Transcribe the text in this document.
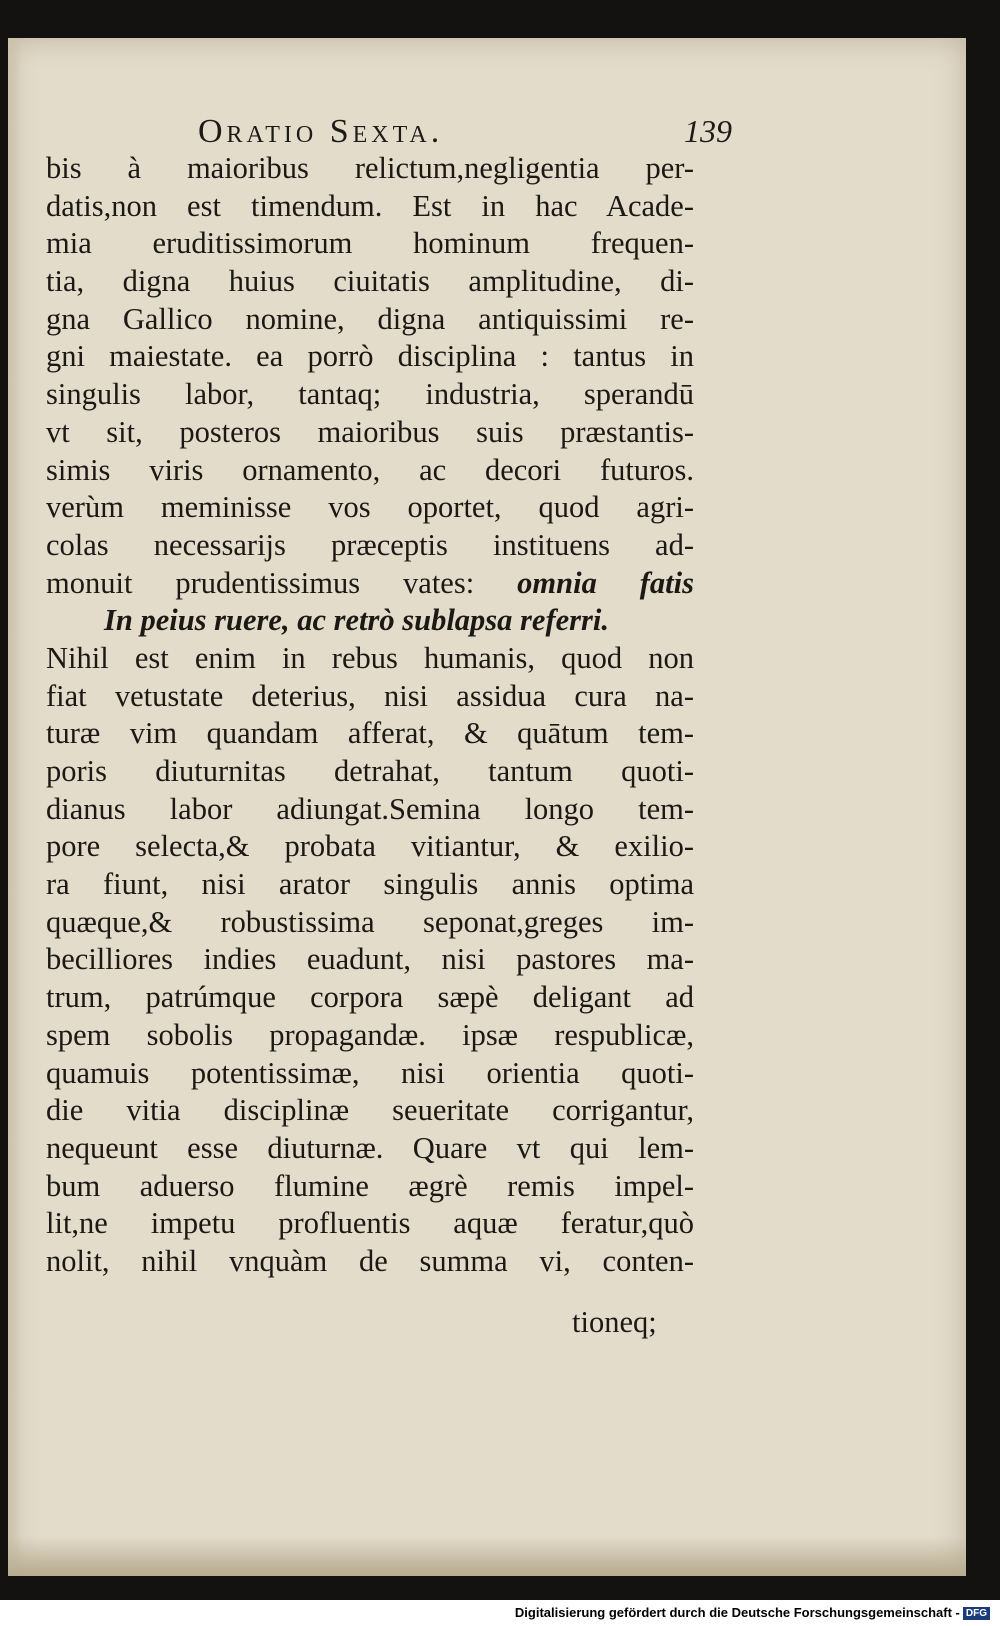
Oratio Sexta.	139
bis à maioribus relictum,negligentia per-
datis,non est timendum. Est in hac Acade-
mia eruditissimorum hominum frequen-
tia, digna huius ciuitatis amplitudine, di-
gna Gallico nomine, digna antiquissimi re-
gni maiestate. ea porrò disciplina : tantus in
singulis labor, tantaq; industria, sperandū
vt sit, posteros maioribus suis præstantis-
simis viris ornamento, ac decori futuros.
verùm meminisse vos oportet, quod agri-
colas necessarijs præceptis instituens ad-
monuit prudentissimus vates: omnia fatis
In peius ruere, ac retrò sublapsa referri.
Nihil est enim in rebus humanis, quod non
fiat vetustate deterius, nisi assidua cura na-
turæ vim quandam afferat, & quātum tem-
poris diuturnitas detrahat, tantum quoti-
dianus labor adiungat.Semina longo tem-
pore selecta,& probata vitiantur, & exilio-
ra fiunt, nisi arator singulis annis optima
quæque,& robustissima seponat,greges im-
becilliores indies euadunt, nisi pastores ma-
trum, patrúmque corpora sæpè deligant ad
spem sobolis propagandæ. ipsæ respublicæ,
quamuis potentissimæ, nisi orientia quoti-
die vitia disciplinæ seueritate corrigantur,
nequeunt esse diuturnæ. Quare vt qui lem-
bum aduerso flumine ægrè remis impel-
lit,ne impetu profluentis aquæ feratur,quò
nolit, nihil vnquàm de summa vi, conten-
tioneq;
Digitalisierung gefördert durch die Deutsche Forschungsgemeinschaft - DFG
